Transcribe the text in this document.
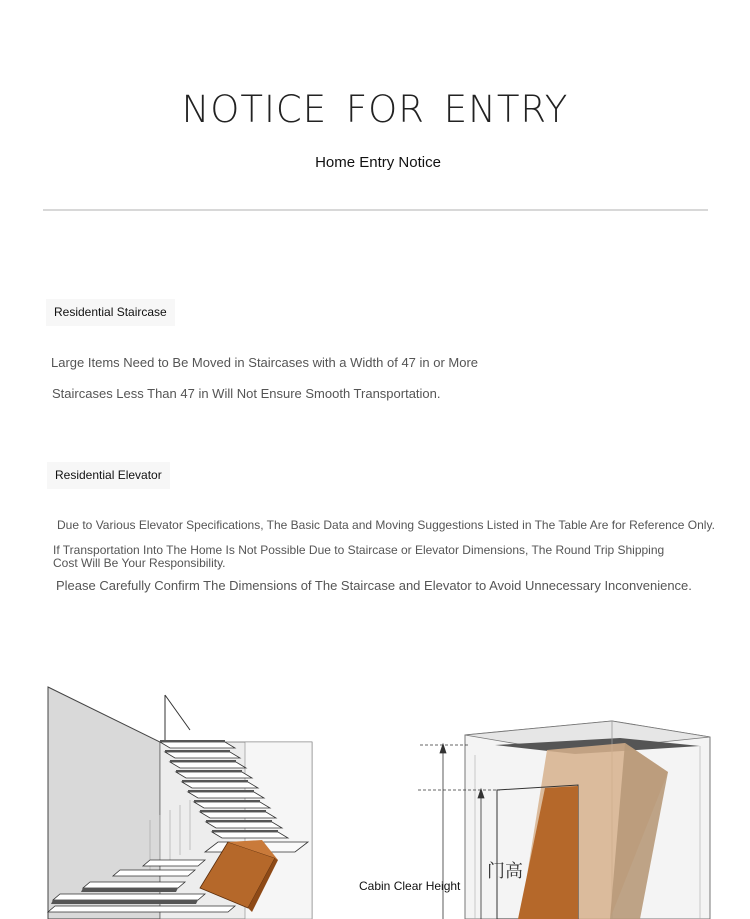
NOTICE FOR ENTRY
Home Entry Notice
Residential Staircase
Large Items Need to Be Moved in Staircases with a Width of 47 in or More
Staircases Less Than 47 in Will Not Ensure Smooth Transportation.
Residential Elevator
Due to Various Elevator Specifications, The Basic Data and Moving Suggestions Listed in The Table Are for Reference Only.
If Transportation Into The Home Is Not Possible Due to Staircase or Elevator Dimensions, The Round Trip Shipping Cost Will Be Your Responsibility.
Please Carefully Confirm The Dimensions of The Staircase and Elevator to Avoid Unnecessary Inconvenience.
Cabin Clear Height
门高
